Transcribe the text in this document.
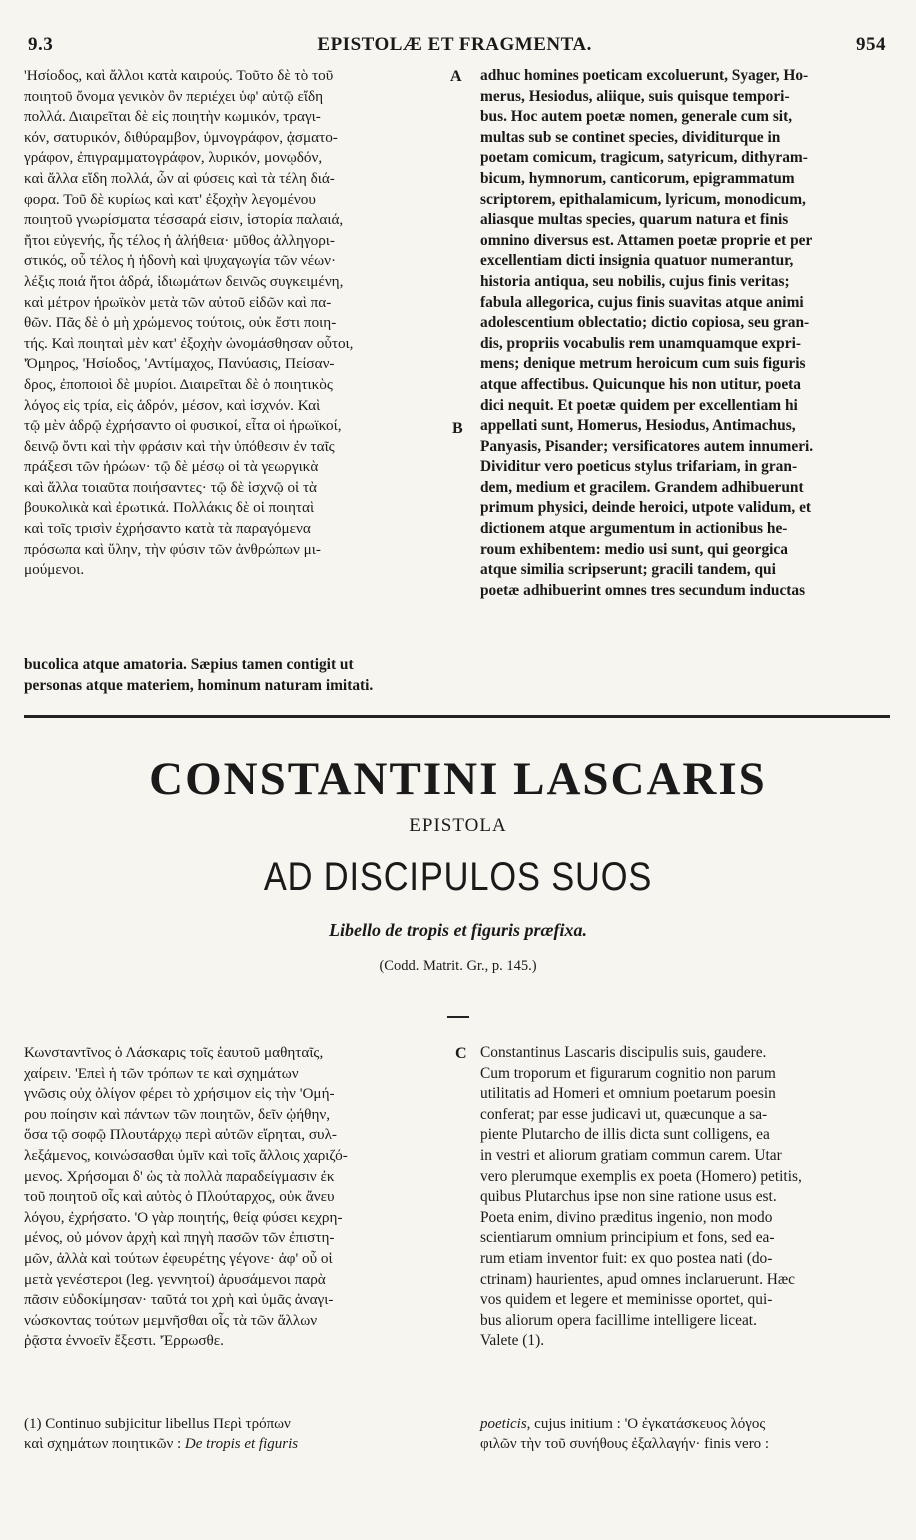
9.3	EPISTOLÆ ET FRAGMENTA.	954
'Ησίοδος, καὶ ἄλλοι κατὰ καιρούς. Τοῦτο δὲ τὸ τοῦ
ποιητοῦ ὄνομα γενικὸν ὂν περιέχει ὑφ' αὑτῷ εἴδη
πολλά. Διαιρεῖται δὲ εἰς ποιητὴν κωμικόν, τραγι-
κόν, σατυρικόν, διθύραμβον, ὑμνογράφον, ᾀσματο-
γράφον, ἐπιγραμματογράφον, λυρικόν, μονῳδόν,
καὶ ἄλλα εἴδη πολλά, ὧν αἱ φύσεις καὶ τὰ τέλη διά-
φορα. Τοῦ δὲ κυρίως καὶ κατ' ἐξοχὴν λεγομένου
ποιητοῦ γνωρίσματα τέσσαρά εἰσιν, ἱστορία παλαιά,
ἤτοι εὐγενής, ἧς τέλος ἡ ἀλήθεια· μῦθος ἀλληγορι-
στικός, οὗ τέλος ἡ ἡδονὴ καὶ ψυχαγωγία τῶν νέων·
λέξις ποιά ἤτοι ἁδρά, ἰδιωμάτων δεινῶς συγκειμένη,
καὶ μέτρον ἡρωϊκὸν μετὰ τῶν αὐτοῦ εἰδῶν καὶ πα-
θῶν. Πᾶς δὲ ὁ μὴ χρώμενος τούτοις, οὐκ ἔστι ποιη-
τής. Καὶ ποιηταὶ μὲν κατ' ἐξοχὴν ὠνομάσθησαν οὗτοι,
'Όμηρος, 'Ησίοδος, 'Αντίμαχος, Πανύασις, Πείσαν-
δρος, ἐποποιοὶ δὲ μυρίοι. Διαιρεῖται δὲ ὁ ποιητικὸς
λόγος εἰς τρία, εἰς ἁδρόν, μέσον, καὶ ἰσχνόν. Καὶ
τῷ μὲν ἁδρῷ ἐχρήσαντο οἱ φυσικοί, εἶτα οἱ ἡρωϊκοί,
δεινῷ ὄντι καὶ τὴν φράσιν καὶ τὴν ὑπόθεσιν ἐν ταῖς
πράξεσι τῶν ἡρώων· τῷ δὲ μέσῳ οἱ τὰ γεωργικὰ
καὶ ἄλλα τοιαῦτα ποιήσαντες· τῷ δὲ ἰσχνῷ οἱ τὰ
βουκολικὰ καὶ ἐρωτικά. Πολλάκις δὲ οἱ ποιηταὶ
καὶ τοῖς τρισὶν ἐχρήσαντο κατὰ τὰ παραγόμενα
πρόσωπα καὶ ὕλην, τὴν φύσιν τῶν ἀνθρώπων μι-
μούμενοι.
adhuc homines poeticam excoluerunt, Syager, Ho-
merus, Hesiodus, aliique, suis quisque tempori-
bus. Hoc autem poetæ nomen, generale cum sit,
multas sub se continet species, dividiturque in
poetam comicum, tragicum, satyricum, dithyram-
bicum, hymnorum, canticorum, epigrammatum
scriptorem, epithalamicum, lyricum, monodicum,
aliasque multas species, quarum natura et finis
omnino diversus est. Attamen poetæ proprie et per
excellentiam dicti insignia quatuor numerantur,
historia antiqua, seu nobilis, cujus finis veritas;
fabula allegorica, cujus finis suavitas atque animi
adolescentium oblectatio; dictio copiosa, seu gran-
dis, propriis vocabulis rem unamquamque expri-
mens; denique metrum heroicum cum suis figuris
atque affectibus. Quicunque his non utitur, poeta
dici nequit. Et poetæ quidem per excellentiam hi
appellati sunt, Homerus, Hesiodus, Antimachus,
Panyasis, Pisander; versificatores autem innumeri.
Dividitur vero poeticus stylus trifariam, in gran-
dem, medium et gracilem. Grandem adhibuerunt
primum physici, deinde heroici, utpote validum, et
dictionem atque argumentum in actionibus he-
roum exhibentem: medio usi sunt, qui georgica
atque similia scripserunt; gracili tandem, qui
poetæ adhibuerint omnes tres secundum inductas
A
B
bucolica atque amatoria. Sæpius tamen contigit ut
personas atque materiem, hominum naturam imitati.
CONSTANTINI LASCARIS
EPISTOLA
AD DISCIPULOS SUOS
Libello de tropis et figuris præfixa.
(Codd. Matrit. Gr., p. 145.)
Κωνσταντῖνος ὁ Λάσκαρις τοῖς ἑαυτοῦ μαθηταῖς,
χαίρειν. 'Επεὶ ἡ τῶν τρόπων τε καὶ σχημάτων
γνῶσις οὐχ ὀλίγον φέρει τὸ χρήσιμον εἰς τὴν 'Ομή-
ρου ποίησιν καὶ πάντων τῶν ποιητῶν, δεῖν ᾠήθην,
ὅσα τῷ σοφῷ Πλουτάρχῳ περὶ αὐτῶν εἴρηται, συλ-
λεξάμενος, κοινώσασθαι ὑμῖν καὶ τοῖς ἄλλοις χαριζό-
μενος. Χρήσομαι δ' ὡς τὰ πολλὰ παραδείγμασιν ἐκ
τοῦ ποιητοῦ οἷς καὶ αὐτὸς ὁ Πλούταρχος, οὐκ ἄνευ
λόγου, ἐχρήσατο. 'Ο γὰρ ποιητής, θείᾳ φύσει κεχρη-
μένος, οὐ μόνον ἀρχὴ καὶ πηγὴ πασῶν τῶν ἐπιστη-
μῶν, ἀλλὰ καὶ τούτων ἐφευρέτης γέγονε· ἀφ' οὗ οἱ
μετὰ γενέστεροι (leg. γεννητοί) ἀρυσάμενοι παρὰ
πᾶσιν εὐδοκίμησαν· ταῦτά τοι χρὴ καὶ ὑμᾶς ἀναγι-
νώσκοντας τούτων μεμνῆσθαι οἷς τὰ τῶν ἄλλων
ῥᾷστα ἐννοεῖν ἔξεστι. 'Έρρωσθε.
Constantinus Lascaris discipulis suis, gaudere.
Cum troporum et figurarum cognitio non parum
utilitatis ad Homeri et omnium poetarum poesin
conferat; par esse judicavi ut, quæcunque a sa-
piente Plutarcho de illis dicta sunt colligens, ea
in vestri et aliorum gratiam commun carem. Utar
vero plerumque exemplis ex poeta (Homero) petitis,
quibus Plutarchus ipse non sine ratione usus est.
Poeta enim, divino præditus ingenio, non modo
scientiarum omnium principium et fons, sed ea-
rum etiam inventor fuit: ex quo postea nati (do-
ctrinam) haurientes, apud omnes inclaruerunt. Hæc
vos quidem et legere et meminisse oportet, qui-
bus aliorum opera facillime intelligere liceat.
Valete (1).
C
(1) Continuo subjicitur libellus Περὶ τρόπων
καὶ σχημάτων ποιητικῶν : De tropis et figuris
poeticis, cujus initium : 'Ο ἐγκατάσκευος λόγος
φιλῶν τὴν τοῦ συνήθους ἐξαλλαγήν· finis vero :
